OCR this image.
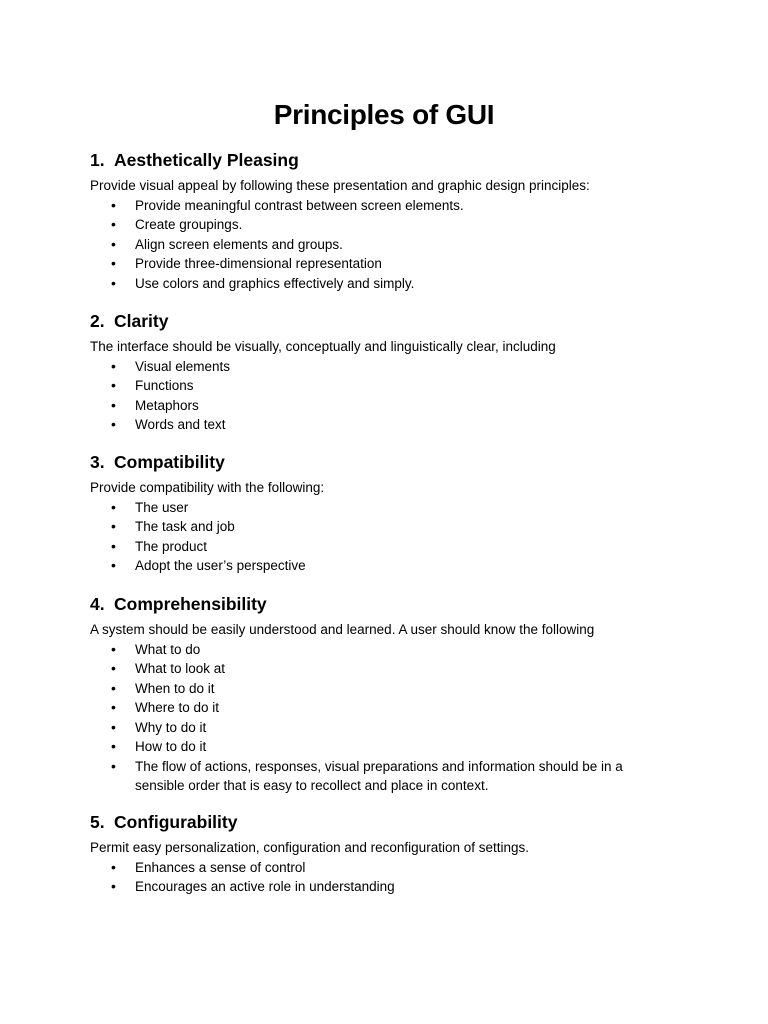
Principles of GUI
1. Aesthetically Pleasing

Provide visual appeal by following these presentation and graphic design principles:

•	Provide meaningful contrast between screen elements.
•	Create groupings.
•	Align screen elements and groups.
•	Provide three-dimensional representation
•	Use colors and graphics effectively and simply.
2. Clarity

The interface should be visually, conceptually and linguistically clear, including

•	Visual elements
•	Functions
•	Metaphors
•	Words and text
3. Compatibility

Provide compatibility with the following:

•	The user
•	The task and job
•	The product
•	Adopt the user’s perspective
4. Comprehensibility

A system should be easily understood and learned. A user should know the following

•	What to do
•	What to look at
•	When to do it
•	Where to do it
•	Why to do it
•	How to do it
•	The flow of actions, responses, visual preparations and information should be in a sensible order that is easy to recollect and place in context.
5. Configurability

Permit easy personalization, configuration and reconfiguration of settings.

•	Enhances a sense of control
•	Encourages an active role in understanding
